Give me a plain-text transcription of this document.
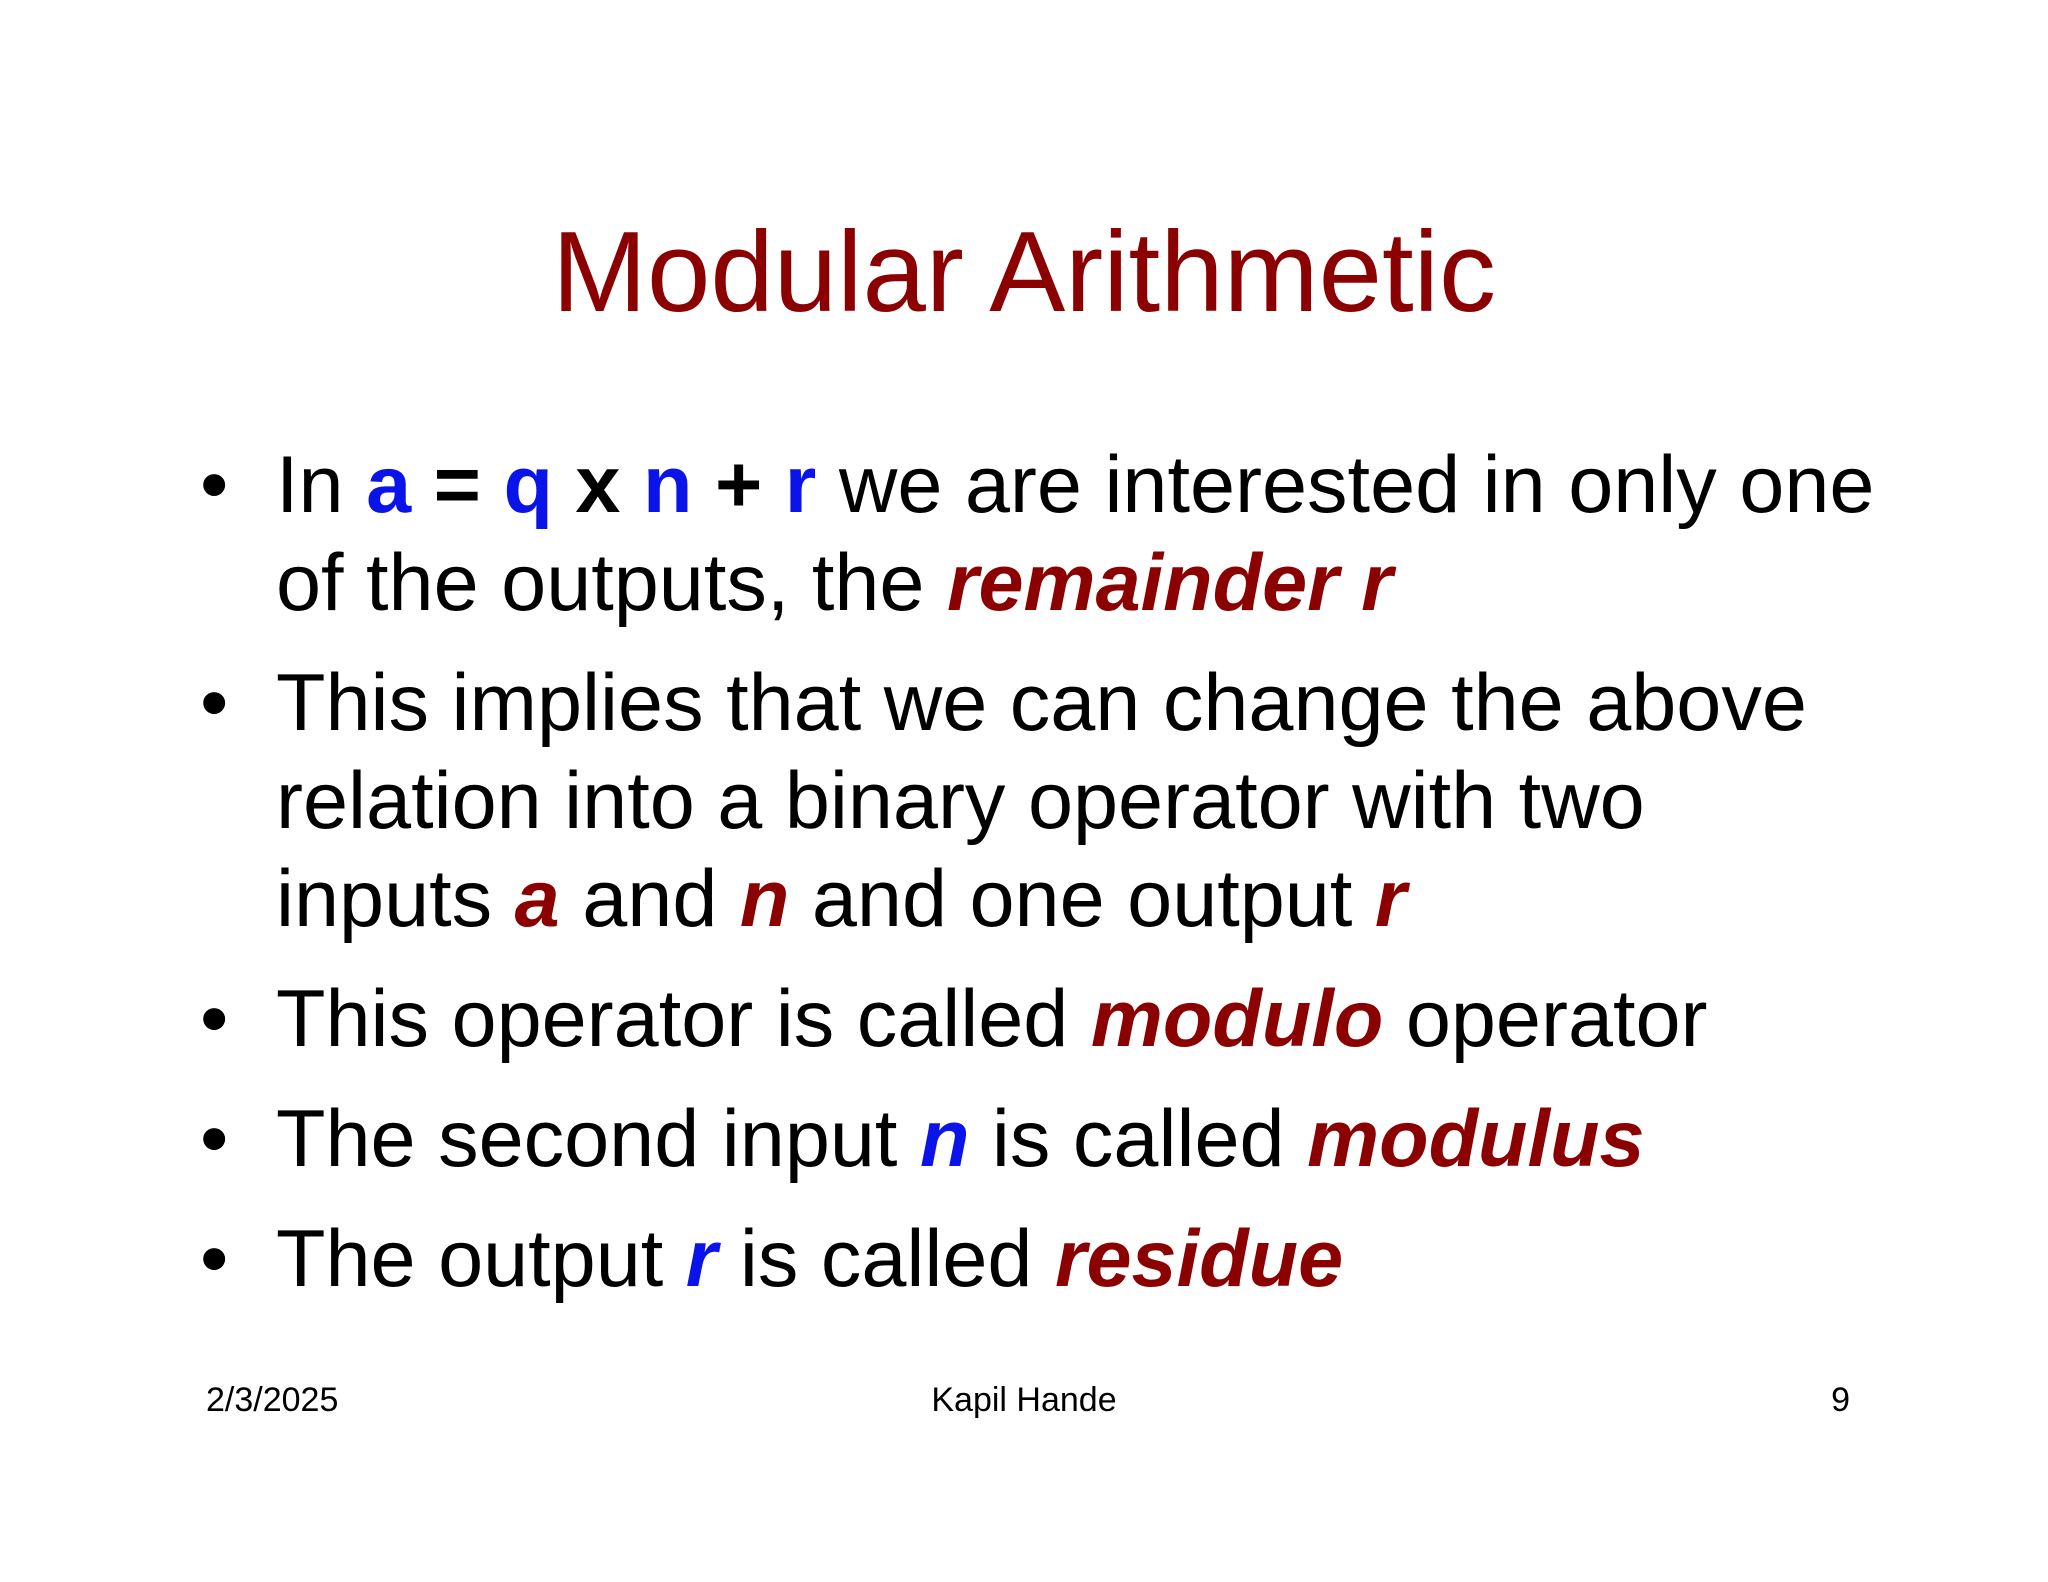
Modular Arithmetic
• In a = q x n + r we are interested in only one of the outputs, the remainder r
• This implies that we can change the above relation into a binary operator with two inputs a and n and one output r
• This operator is called modulo operator
• The second input n is called modulus
• The output r is called residue
2/3/2025	Kapil Hande	9
